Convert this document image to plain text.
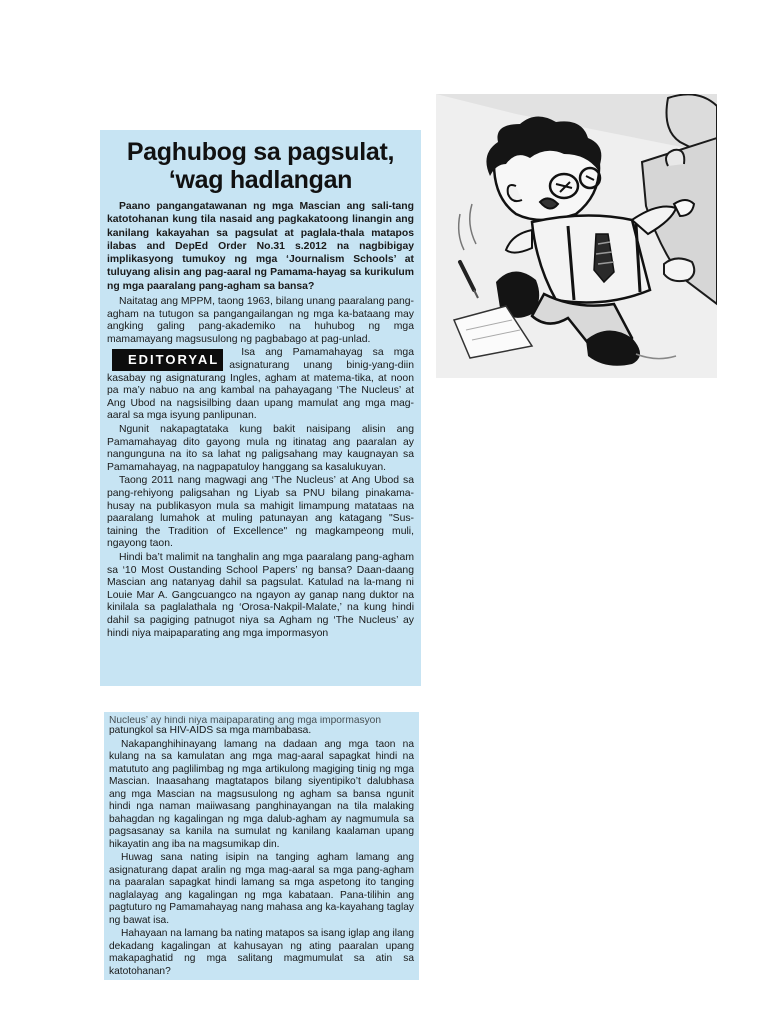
Paghubog sa pagsulat,
‘wag hadlangan

Paano pangangatawanan ng mga Mascian ang sali-tang katotohanan kung tila nasaid ang pagkakatoong linangin ang kanilang kakayahan sa pagsulat at paglala-thala matapos ilabas and DepEd Order No.31 s.2012 na nagbibigay implikasyong tumukoy ng mga ‘Journalism Schools’ at tuluyang alisin ang pag-aaral ng Pamama-hayag sa kurikulum ng mga paaralang pang-agham sa bansa?

Naitatag ang MPPM, taong 1963, bilang unang paaralang pang-agham na tutugon sa pangangailangan ng mga ka-bataang may angking galing pang-akademiko na huhubog ng mga mamamayang magsusulong ng pagbabago at pag-unlad.

EDITORYAL	Isa ang Pamamahayag sa mga asignaturang unang binig-yang-diin kasabay ng asignaturang Ingles, agham at matema-tika, at noon pa ma’y nabuo na ang kambal na pahayagang ‘The Nucleus’ at Ang Ubod na nagsisilbing daan upang mamulat ang mga mag-aaral sa mga isyung panlipunan.

Ngunit nakapagtataka kung bakit naisipang alisin ang Pamamahayag dito gayong mula ng itinatag ang paaralan ay nangunguna na ito sa lahat ng paligsahang may kaugnayan sa Pamamahayag, na nagpapatuloy hanggang sa kasalukuyan.

Taong 2011 nang magwagi ang ‘The Nucleus’ at Ang Ubod sa pang-rehiyong paligsahan ng Liyab sa PNU bilang pinakama-husay na publikasyon mula sa mahigit limampung matataas na paaralang lumahok at muling patunayan ang katagang "Sus-taining the Tradition of Excellence" ng magkampeong muli, ngayong taon.

Hindi ba’t malimit na tanghalin ang mga paaralang pang-agham sa ‘10 Most Oustanding School Papers’ ng bansa? Daan-daang Mascian ang natanyag dahil sa pagsulat. Katulad na la-mang ni Louie Mar A. Gangcuangco na ngayon ay ganap nang duktor na kinilala sa paglalathala ng ‘Orosa-Nakpil-Malate,’ na kung hindi dahil sa pagiging patnugot niya sa Agham ng ‘The Nucleus’ ay hindi niya maipaparating ang mga impormasyon

Nucleus’ ay hindi niya maipaparating ang mga impormasyon

patungkol sa HIV-AIDS sa mga mambabasa.

Nakapanghihinayang lamang na dadaan ang mga taon na kulang na sa kamulatan ang mga mag-aaral sapagkat hindi na matututo ang paglilimbag ng mga artikulong magiging tinig ng mga Mascian. Inaasahang magtatapos bilang siyentipiko’t dalubhasa ang mga Mascian na magsusulong ng agham sa bansa ngunit hindi nga naman maiiwasang panghinayangan na tila malaking bahagdan ng kagalingan ng mga dalub-agham ay nagmumula sa pagsasanay sa kanila na sumulat ng kanilang kaalaman upang hikayatin ang iba na magsumikap din.

Huwag sana nating isipin na tanging agham lamang ang asignaturang dapat aralin ng mga mag-aaral sa mga pang-agham na paaralan sapagkat hindi lamang sa mga aspetong ito tanging naglalayag ang kagalingan ng mga kabataan. Pana-tilihin ang pagtuturo ng Pamamahayag nang mahasa ang ka-kayahang taglay ng bawat isa.

Hahayaan na lamang ba nating matapos sa isang iglap ang ilang dekadang kagalingan at kahusayan ng ating paaralan upang makapaghatid ng mga salitang magmumulat sa atin sa katotohanan?
